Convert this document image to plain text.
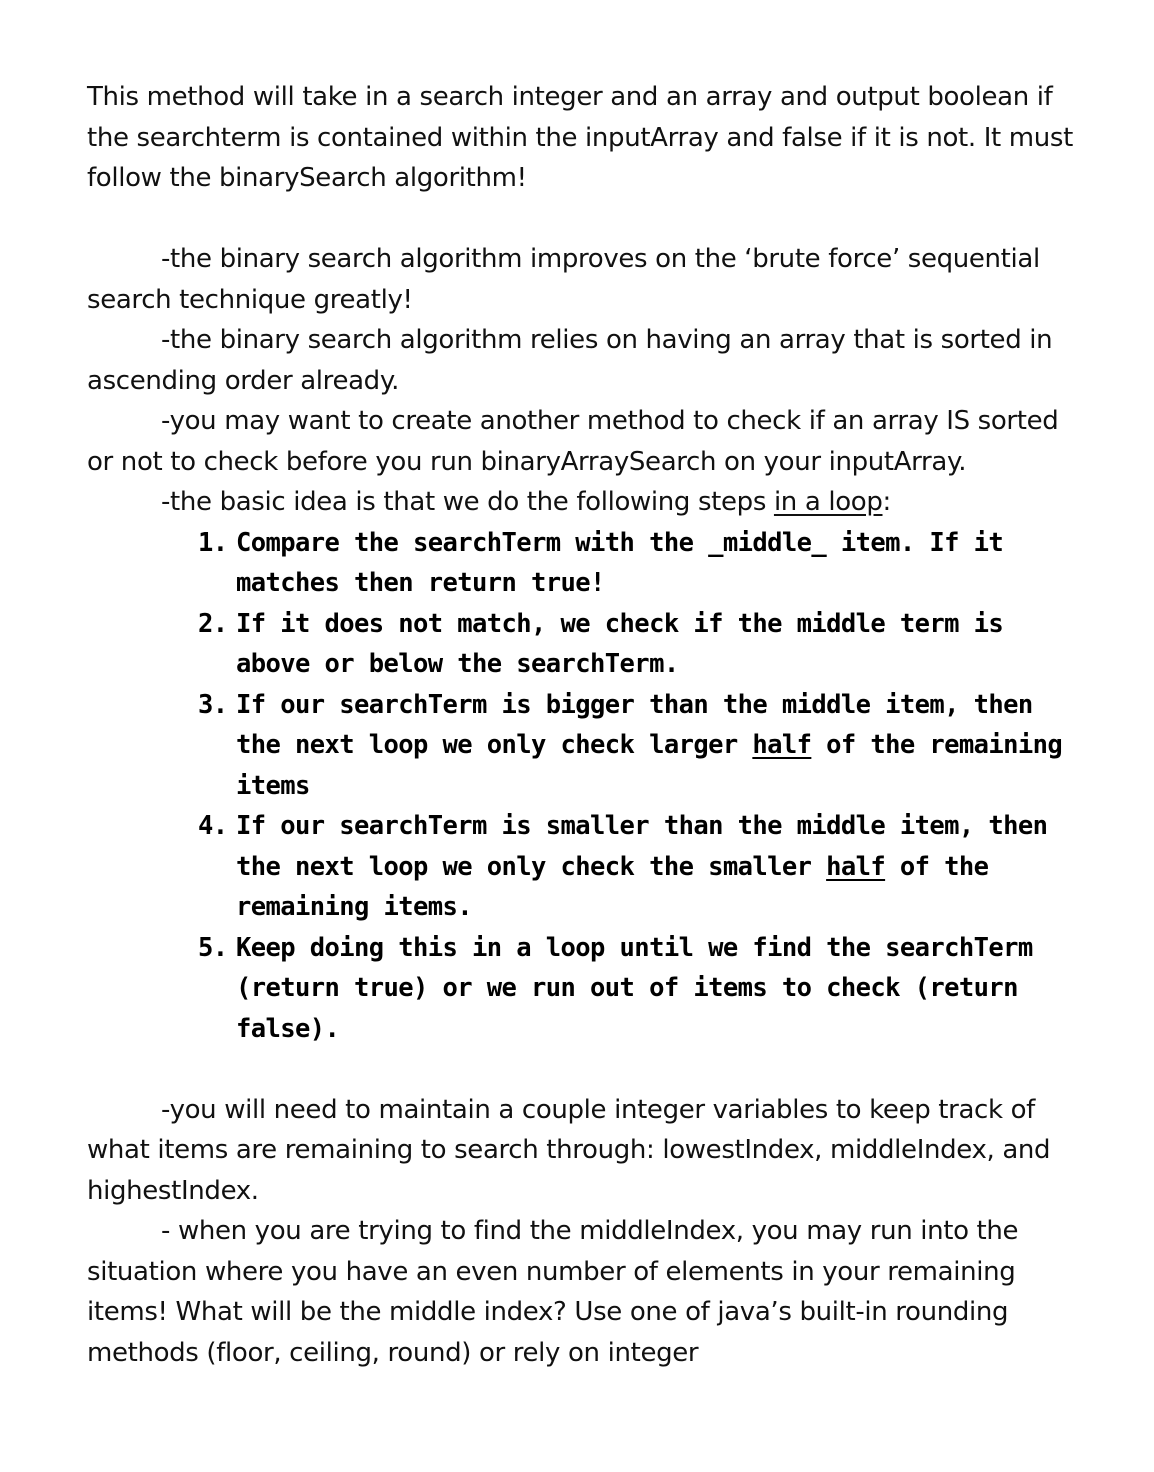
This method will take in a search integer and an array and output boolean if the searchterm is contained within the inputArray and false if it is not. It must follow the binarySearch algorithm!

-the binary search algorithm improves on the ‘brute force’ sequential search technique greatly!

-the binary search algorithm relies on having an array that is sorted in ascending order already.

-you may want to create another method to check if an array IS sorted or not to check before you run binaryArraySearch on your inputArray.

-the basic idea is that we do the following steps in a loop:

1. Compare the searchTerm with the _middle_ item. If it matches then return true!
2. If it does not match, we check if the middle term is above or below the searchTerm.
3. If our searchTerm is bigger than the middle item, then the next loop we only check larger half of the remaining items
4. If our searchTerm is smaller than the middle item, then the next loop we only check the smaller half of the remaining items.
5. Keep doing this in a loop until we find the searchTerm (return true) or we run out of items to check (return false).

-you will need to maintain a couple integer variables to keep track of what items are remaining to search through: lowestIndex, middleIndex, and highestIndex.

- when you are trying to find the middleIndex, you may run into the situation where you have an even number of elements in your remaining items! What will be the middle index? Use one of java’s built-in rounding methods (floor, ceiling, round) or rely on integer
